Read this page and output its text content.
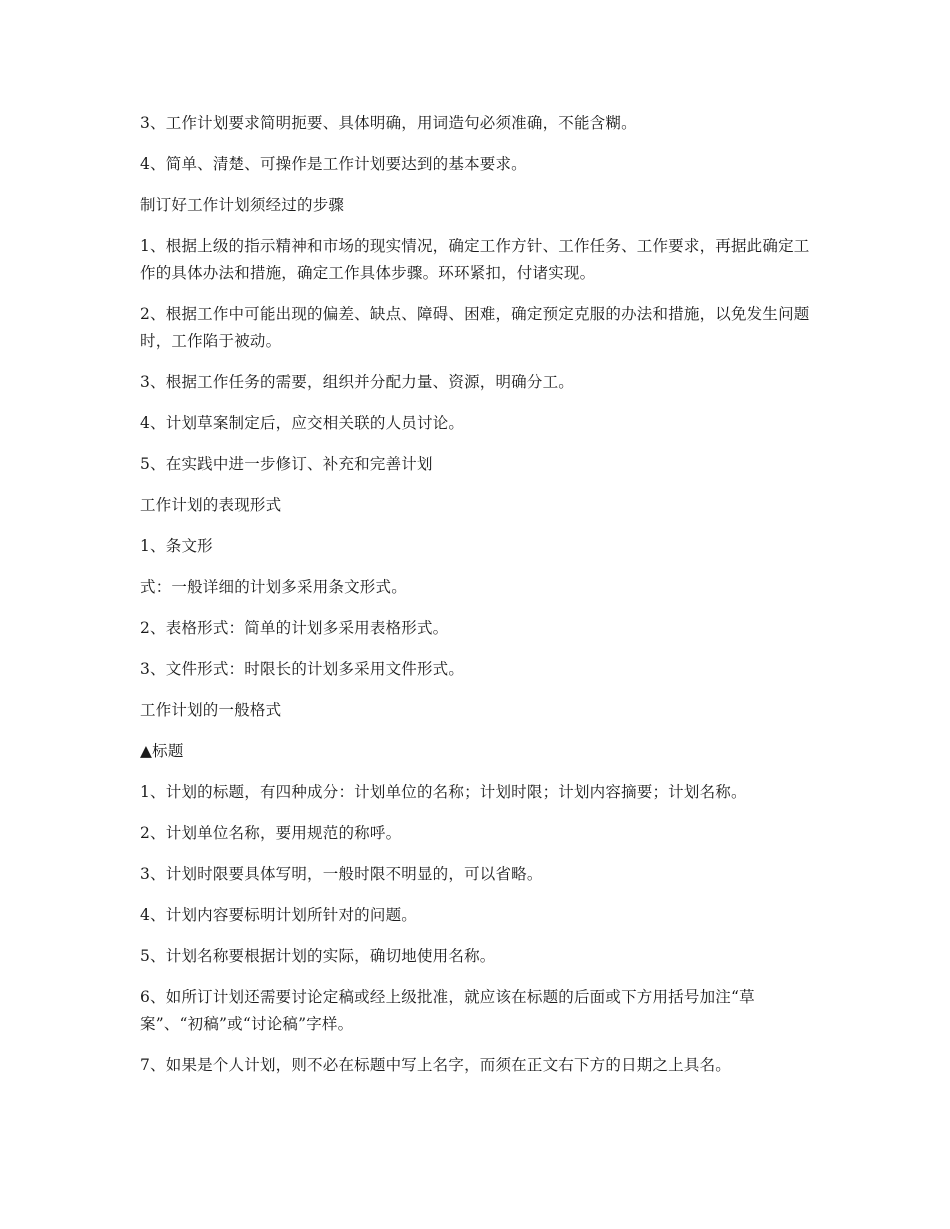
3、工作计划要求简明扼要、具体明确，用词造句必须准确，不能含糊。

4、简单、清楚、可操作是工作计划要达到的基本要求。

制订好工作计划须经过的步骤

1、根据上级的指示精神和市场的现实情况，确定工作方针、工作任务、工作要求，再据此确定工作的具体办法和措施，确定工作具体步骤。环环紧扣，付诸实现。

2、根据工作中可能出现的偏差、缺点、障碍、困难，确定预定克服的办法和措施，以免发生问题时，工作陷于被动。

3、根据工作任务的需要，组织并分配力量、资源，明确分工。

4、计划草案制定后，应交相关联的人员讨论。

5、在实践中进一步修订、补充和完善计划

工作计划的表现形式

1、条文形

式：一般详细的计划多采用条文形式。

2、表格形式：简单的计划多采用表格形式。

3、文件形式：时限长的计划多采用文件形式。

工作计划的一般格式

▲标题

1、计划的标题，有四种成分：计划单位的名称；计划时限；计划内容摘要；计划名称。

2、计划单位名称，要用规范的称呼。

3、计划时限要具体写明，一般时限不明显的，可以省略。

4、计划内容要标明计划所针对的问题。

5、计划名称要根据计划的实际，确切地使用名称。

6、如所订计划还需要讨论定稿或经上级批准，就应该在标题的后面或下方用括号加注“草案”、“初稿”或“讨论稿”字样。

7、如果是个人计划，则不必在标题中写上名字，而须在正文右下方的日期之上具名。
